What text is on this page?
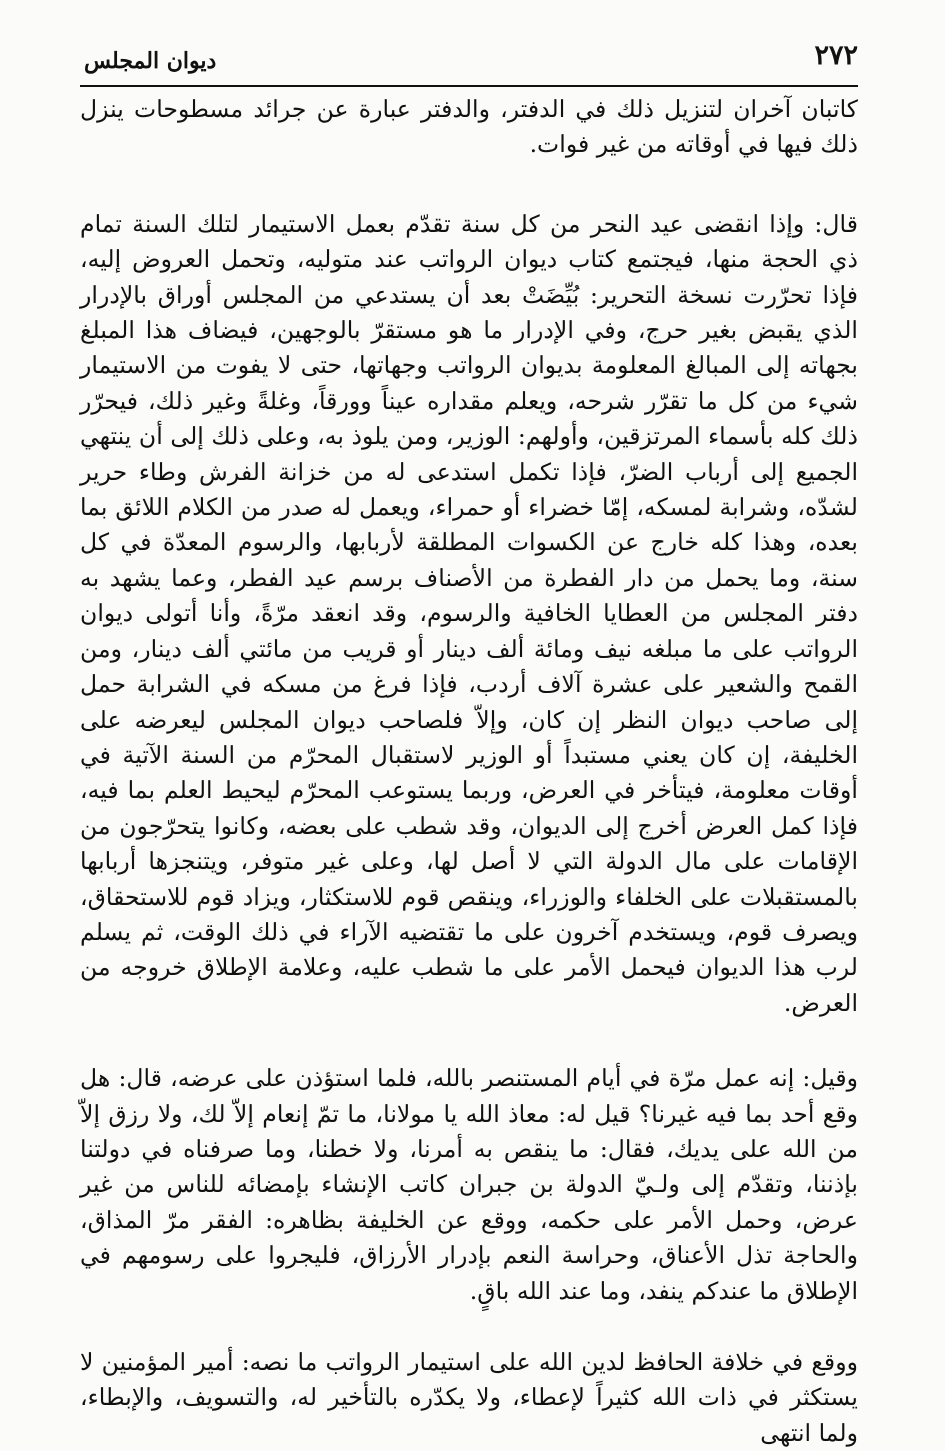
٢٧٢
ديوان المجلس

كاتبان آخران لتنزيل ذلك في الدفتر، والدفتر عبارة عن جرائد مسطوحات ينزل ذلك فيها في أوقاته من غير فوات.

قال: وإذا انقضى عيد النحر من كل سنة تقدّم بعمل الاستيمار لتلك السنة تمام ذي الحجة منها، فيجتمع كتاب ديوان الرواتب عند متوليه، وتحمل العروض إليه، فإذا تحرّرت نسخة التحرير: بُيِّضَتْ بعد أن يستدعي من المجلس أوراق بالإدرار الذي يقبض بغير حرج، وفي الإدرار ما هو مستقرّ بالوجهين، فيضاف هذا المبلغ بجهاته إلى المبالغ المعلومة بديوان الرواتب وجهاتها، حتى لا يفوت من الاستيمار شيء من كل ما تقرّر شرحه، ويعلم مقداره عيناً وورقاً، وغلةً وغير ذلك، فيحرّر ذلك كله بأسماء المرتزقين، وأولهم: الوزير، ومن يلوذ به، وعلى ذلك إلى أن ينتهي الجميع إلى أرباب الضرّ، فإذا تكمل استدعى له من خزانة الفرش وطاء حرير لشدّه، وشرابة لمسكه، إمّا خضراء أو حمراء، ويعمل له صدر من الكلام اللائق بما بعده، وهذا كله خارج عن الكسوات المطلقة لأربابها، والرسوم المعدّة في كل سنة، وما يحمل من دار الفطرة من الأصناف برسم عيد الفطر، وعما يشهد به دفتر المجلس من العطايا الخافية والرسوم، وقد انعقد مرّةً، وأنا أتولى ديوان الرواتب على ما مبلغه نيف ومائة ألف دينار أو قريب من مائتي ألف دينار، ومن القمح والشعير على عشرة آلاف أردب، فإذا فرغ من مسكه في الشرابة حمل إلى صاحب ديوان النظر إن كان، وإلاّ فلصاحب ديوان المجلس ليعرضه على الخليفة، إن كان يعني مستبداً أو الوزير لاستقبال المحرّم من السنة الآتية في أوقات معلومة، فيتأخر في العرض، وربما يستوعب المحرّم ليحيط العلم بما فيه، فإذا كمل العرض أخرج إلى الديوان، وقد شطب على بعضه، وكانوا يتحرّجون من الإقامات على مال الدولة التي لا أصل لها، وعلى غير متوفر، ويتنجزها أربابها بالمستقبلات على الخلفاء والوزراء، وينقص قوم للاستكثار، ويزاد قوم للاستحقاق، ويصرف قوم، ويستخدم آخرون على ما تقتضيه الآراء في ذلك الوقت، ثم يسلم لرب هذا الديوان فيحمل الأمر على ما شطب عليه، وعلامة الإطلاق خروجه من العرض.

وقيل: إنه عمل مرّة في أيام المستنصر بالله، فلما استؤذن على عرضه، قال: هل وقع أحد بما فيه غيرنا؟ قيل له: معاذ الله يا مولانا، ما تمّ إنعام إلاّ لك، ولا رزق إلاّ من الله على يديك، فقال: ما ينقص به أمرنا، ولا خطنا، وما صرفناه في دولتنا بإذننا، وتقدّم إلى ولـيّ الدولة بن جبران كاتب الإنشاء بإمضائه للناس من غير عرض، وحمل الأمر على حكمه، ووقع عن الخليفة بظاهره: الفقر مرّ المذاق، والحاجة تذل الأعناق، وحراسة النعم بإدرار الأرزاق، فليجروا على رسومهم في الإطلاق ما عندكم ينفد، وما عند الله باقٍ.

ووقع في خلافة الحافظ لدين الله على استيمار الرواتب ما نصه: أمير المؤمنين لا يستكثر في ذات الله كثيراً لإعطاء، ولا يكدّره بالتأخير له، والتسويف، والإبطاء، ولما انتهى
